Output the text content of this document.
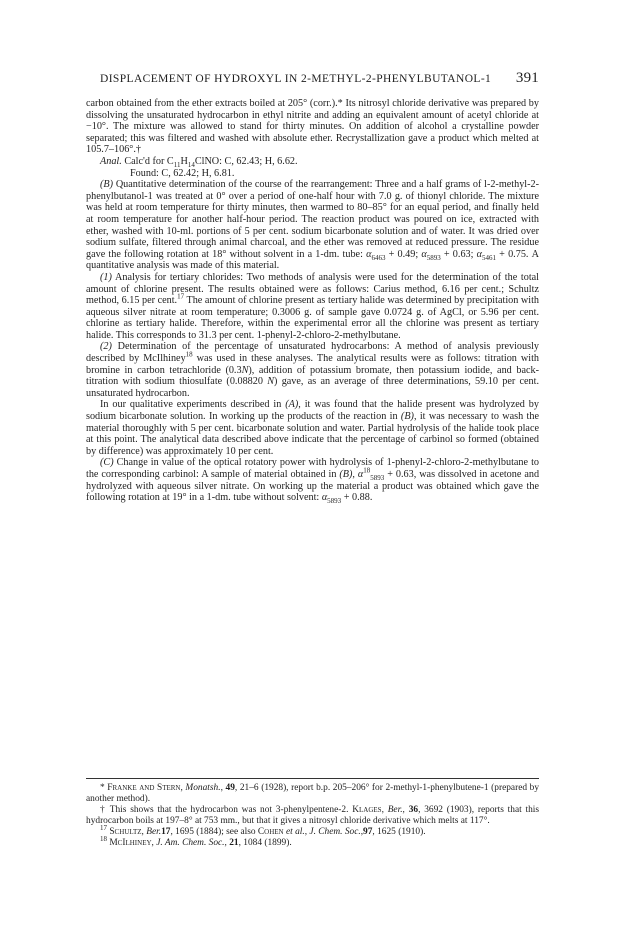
DISPLACEMENT OF HYDROXYL IN 2-METHYL-2-PHENYLBUTANOL-1 391

carbon obtained from the ether extracts boiled at 205° (corr.).* Its nitrosyl chloride derivative was prepared by dissolving the unsaturated hydrocarbon in ethyl nitrite and adding an equivalent amount of acetyl chloride at −10°. The mixture was allowed to stand for thirty minutes. On addition of alcohol a crystalline powder separated; this was filtered and washed with absolute ether. Recrystallization gave a product which melted at 105.7–106°.†

Anal. Calc'd for $C_{11}H_{14}ClNO$: C, 62.43; H, 6.62.

Found: C, 62.42; H, 6.81.

(B) Quantitative determination of the course of the rearrangement: Three and a half grams of l-2-methyl-2-phenylbutanol-1 was treated at 0° over a period of one-half hour with 7.0 g. of thionyl chloride. The mixture was held at room temperature for thirty minutes, then warmed to 80–85° for an equal period, and finally held at room temperature for another half-hour period. The reaction product was poured on ice, extracted with ether, washed with 10-ml. portions of 5 per cent. sodium bicarbonate solution and of water. It was dried over sodium sulfate, filtered through animal charcoal, and the ether was removed at reduced pressure. The residue gave the following rotation at 18° without solvent in a 1-dm. tube: $\alpha_{6463} + 0.49$; $\alpha_{5893} + 0.63$; $\alpha_{5461} + 0.75$. A quantitative analysis was made of this material.

(1) Analysis for tertiary chlorides: Two methods of analysis were used for the determination of the total amount of chlorine present. The results obtained were as follows: Carius method, 6.16 per cent.; Schultz method, 6.15 per cent.$^{17}$ The amount of chlorine present as tertiary halide was determined by precipitation with aqueous silver nitrate at room temperature; 0.3006 g. of sample gave 0.0724 g. of AgCl, or 5.96 per cent. chlorine as tertiary halide. Therefore, within the experimental error all the chlorine was present as tertiary halide. This corresponds to 31.3 per cent. 1-phenyl-2-chloro-2-methylbutane.

(2) Determination of the percentage of unsaturated hydrocarbons: A method of analysis previously described by McIlhiney$^{18}$ was used in these analyses. The analytical results were as follows: titration with bromine in carbon tetrachloride (0.3N), addition of potassium bromate, then potassium iodide, and back-titration with sodium thiosulfate (0.08820 N) gave, as an average of three determinations, 59.10 per cent. unsaturated hydrocarbon.

In our qualitative experiments described in (A), it was found that the halide present was hydrolyzed by sodium bicarbonate solution. In working up the products of the reaction in (B), it was necessary to wash the material thoroughly with 5 per cent. bicarbonate solution and water. Partial hydrolysis of the halide took place at this point. The analytical data described above indicate that the percentage of carbinol so formed (obtained by difference) was approximately 10 per cent.

(C) Change in value of the optical rotatory power with hydrolysis of 1-phenyl-2-chloro-2-methylbutane to the corresponding carbinol: A sample of material obtained in (B), $\alpha^{18}_{5893} + 0.63$, was dissolved in acetone and hydrolyzed with aqueous silver nitrate. On working up the material a product was obtained which gave the following rotation at 19° in a 1-dm. tube without solvent: $\alpha_{5893} + 0.88$.

* Franke and Stern, Monatsh., 49, 21–6 (1928), report b.p. 205–206° for 2-methyl-1-phenylbutene-1 (prepared by another method).

† This shows that the hydrocarbon was not 3-phenylpentene-2. Klages, Ber., 36, 3692 (1903), reports that this hydrocarbon boils at 197–8° at 753 mm., but that it gives a nitrosyl chloride derivative which melts at 117°.

$^{17}$ Schultz, Ber.17, 1695 (1884); see also Cohen et al., J. Chem. Soc.,97, 1625 (1910).

$^{18}$ McIlhiney, J. Am. Chem. Soc., 21, 1084 (1899).
